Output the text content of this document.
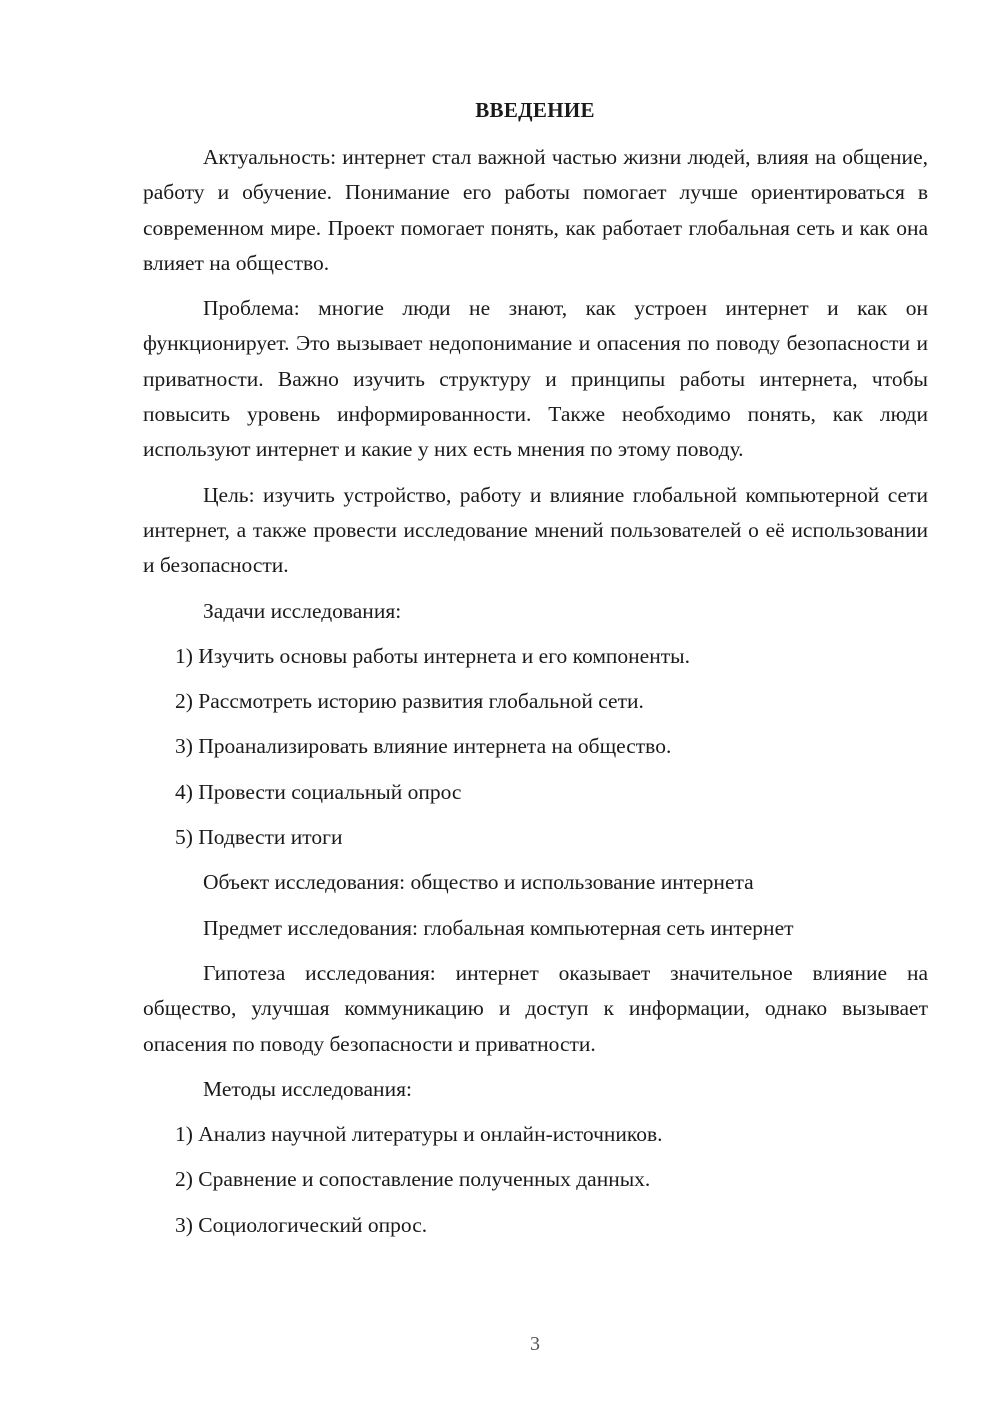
ВВЕДЕНИЕ

Актуальность: интернет стал важной частью жизни людей, влияя на общение, работу и обучение. Понимание его работы помогает лучше ориентироваться в современном мире. Проект помогает понять, как работает глобальная сеть и как она влияет на общество.

Проблема: многие люди не знают, как устроен интернет и как он функционирует. Это вызывает недопонимание и опасения по поводу безопасности и приватности. Важно изучить структуру и принципы работы интернета, чтобы повысить уровень информированности. Также необходимо понять, как люди используют интернет и какие у них есть мнения по этому поводу.

Цель: изучить устройство, работу и влияние глобальной компьютерной сети интернет, а также провести исследование мнений пользователей о её использовании и безопасности.

Задачи исследования:

1) Изучить основы работы интернета и его компоненты.

2) Рассмотреть историю развития глобальной сети.

3) Проанализировать влияние интернета на общество.

4) Провести социальный опрос

5) Подвести итоги

Объект исследования: общество и использование интернета

Предмет исследования: глобальная компьютерная сеть интернет

Гипотеза исследования: интернет оказывает значительное влияние на общество, улучшая коммуникацию и доступ к информации, однако вызывает опасения по поводу безопасности и приватности.

Методы исследования:

1) Анализ научной литературы и онлайн-источников.

2) Сравнение и сопоставление полученных данных.

3) Социологический опрос.

3
